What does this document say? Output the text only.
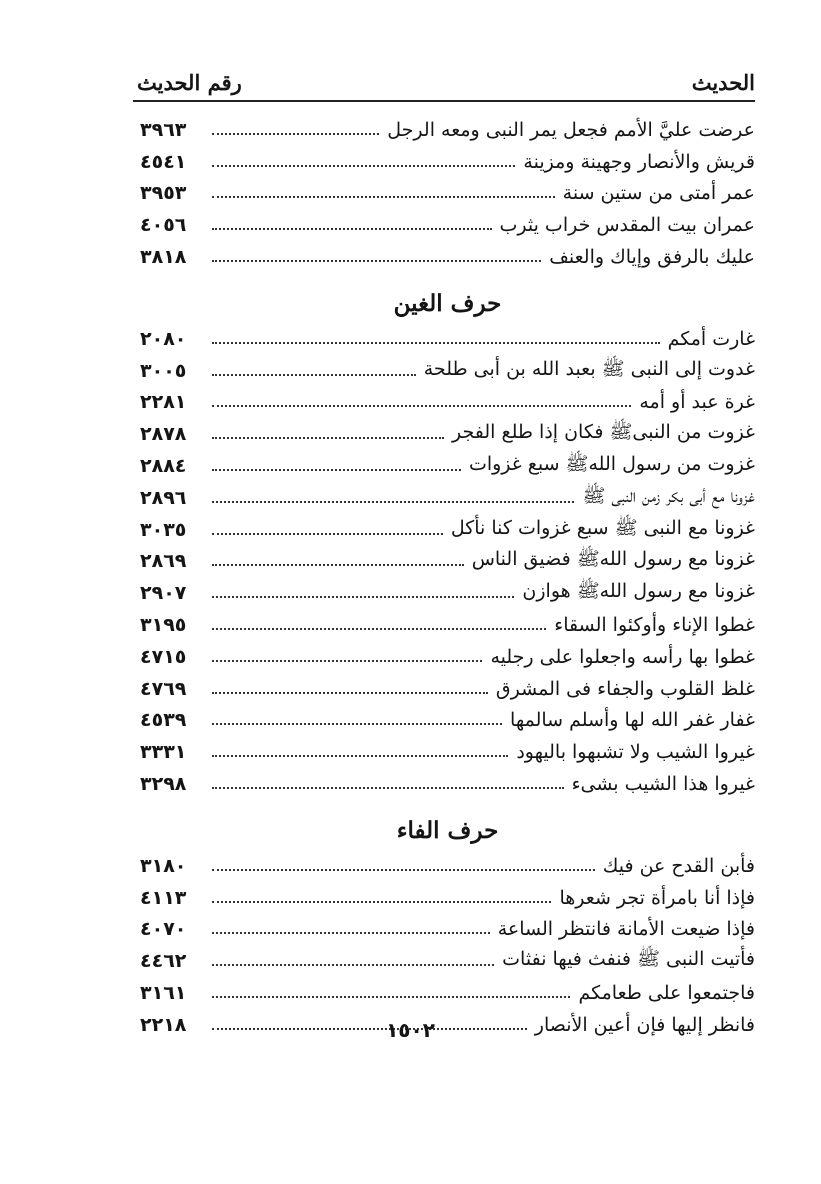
الحديث
رقم الحديث
عرضت عليَّ الأمم فجعل يمر النبى ومعه الرجل
٣٩٦٣
قريش والأنصار وجهينة ومزينة
٤٥٤١
عمر أمتى من ستين سنة
٣٩٥٣
عمران بيت المقدس خراب يثرب
٤٠٥٦
عليك بالرفق وإياك والعنف
٣٨١٨
حرف الغين
غارت أمكم
٢٠٨٠
غدوت إلى النبى ﷺ بعبد الله بن أبى طلحة
٣٠٠٥
غرة عبد أو أمه
٢٢٨١
غزوت من النبىﷺ فكان إذا طلع الفجر
٢٨٧٨
غزوت من رسول اللهﷺ سبع غزوات
٢٨٨٤
غزونا مع أبى بكر زمن النبى ﷺ
٢٨٩٦
غزونا مع النبى ﷺ سبع غزوات كنا نأكل
٣٠٣٥
غزونا مع رسول اللهﷺ فضيق الناس
٢٨٦٩
غزونا مع رسول اللهﷺ هوازن
٢٩٠٧
غطوا الإناء وأوكئوا السقاء
٣١٩٥
غطوا بها رأسه واجعلوا على رجليه
٤٧١٥
غلظ القلوب والجفاء فى المشرق
٤٧٦٩
غفار غفر الله لها وأسلم سالمها
٤٥٣٩
غيروا الشيب ولا تشبهوا باليهود
٣٣٣١
غيروا هذا الشيب بشىء
٣٢٩٨
حرف الفاء
فأبن القدح عن فيك
٣١٨٠
فإذا أنا بامرأة تجر شعرها
٤١١٣
فإذا ضيعت الأمانة فانتظر الساعة
٤٠٧٠
فأتيت النبى ﷺ فنفث فيها نفثات
٤٤٦٢
فاجتمعوا على طعامكم
٣١٦١
فانظر إليها فإن أعين الأنصار
٢٢١٨	١٥٠٢
